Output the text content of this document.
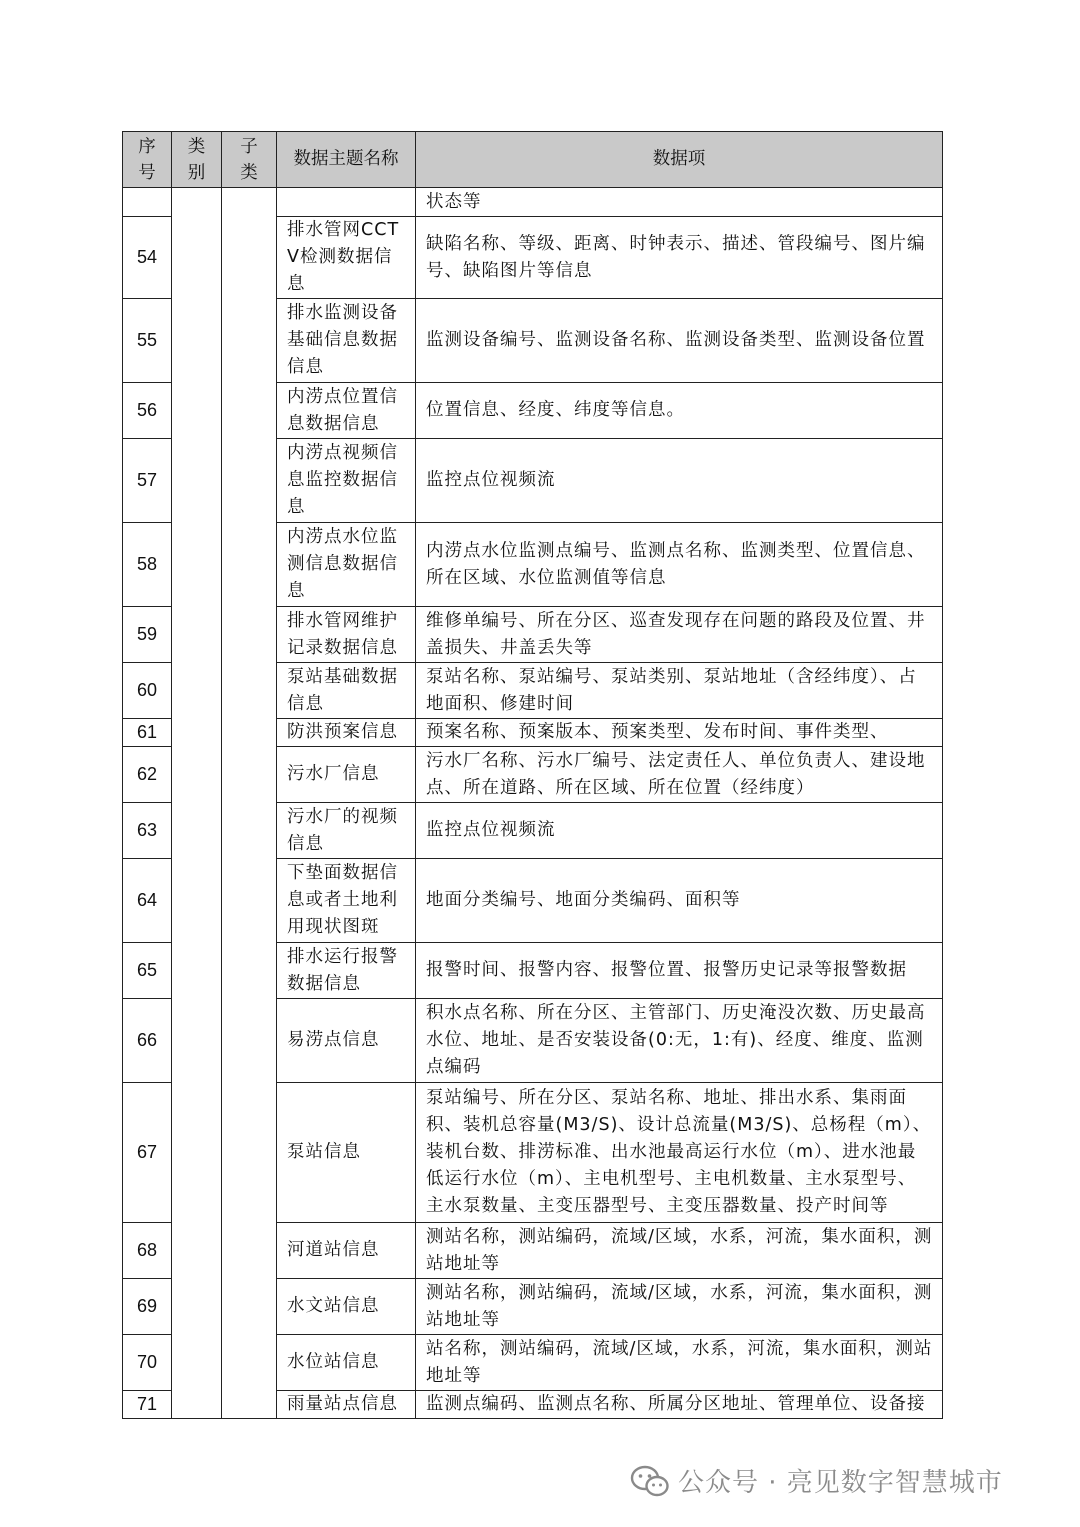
序号	类别	子类	数据主题名称	数据项
				状态等
54			排水管网CCTV检测数据信息	缺陷名称、等级、距离、时钟表示、描述、管段编号、图片编号、缺陷图片等信息
55			排水监测设备基础信息数据信息	监测设备编号、监测设备名称、监测设备类型、监测设备位置
56			内涝点位置信息数据信息	位置信息、经度、纬度等信息。
57			内涝点视频信息监控数据信息	监控点位视频流
58			内涝点水位监测信息数据信息	内涝点水位监测点编号、监测点名称、监测类型、位置信息、所在区域、水位监测值等信息
59			排水管网维护记录数据信息	维修单编号、所在分区、巡查发现存在问题的路段及位置、井盖损失、井盖丢失等
60			泵站基础数据信息	泵站名称、泵站编号、泵站类别、泵站地址（含经纬度）、占地面积、修建时间
61			防洪预案信息	预案名称、预案版本、预案类型、发布时间、事件类型、
62			污水厂信息	污水厂名称、污水厂编号、法定责任人、单位负责人、建设地点、所在道路、所在区域、所在位置（经纬度）
63			污水厂的视频信息	监控点位视频流
64			下垫面数据信息或者土地利用现状图斑	地面分类编号、地面分类编码、面积等
65			排水运行报警数据信息	报警时间、报警内容、报警位置、报警历史记录等报警数据
66			易涝点信息	积水点名称、所在分区、主管部门、历史淹没次数、历史最高水位、地址、是否安装设备(0:无，1:有)、经度、维度、监测点编码
67			泵站信息	泵站编号、所在分区、泵站名称、地址、排出水系、集雨面积、装机总容量(M3/S)、设计总流量(M3/S)、总杨程（m）、装机台数、排涝标准、出水池最高运行水位（m）、进水池最低运行水位（m）、主电机型号、主电机数量、主水泵型号、主水泵数量、主变压器型号、主变压器数量、投产时间等
68			河道站信息	测站名称，测站编码，流域/区域，水系，河流，集水面积，测站地址等
69			水文站信息	测站名称，测站编码，流域/区域，水系，河流，集水面积，测站地址等
70			水位站信息	站名称，测站编码，流域/区域，水系，河流，集水面积，测站地址等
71			雨量站点信息	监测点编码、监测点名称、所属分区地址、管理单位、设备接
公众号 · 亮见数字智慧城市
